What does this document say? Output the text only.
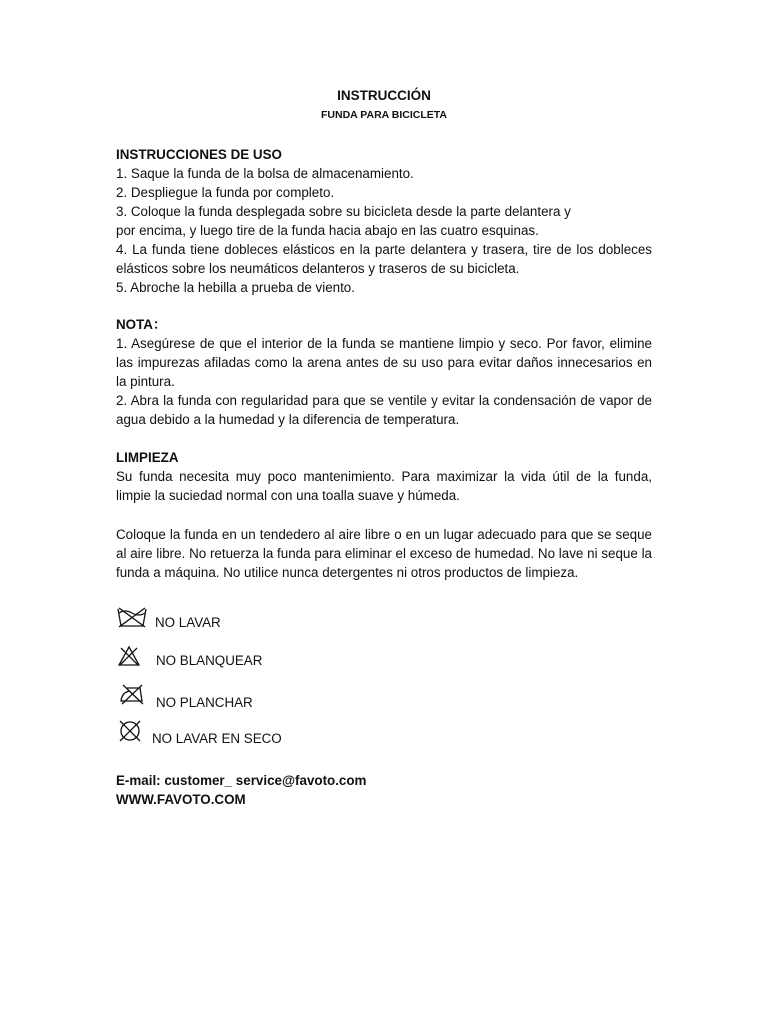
INSTRUCCIÓN
FUNDA PARA BICICLETA
INSTRUCCIONES DE USO
1. Saque la funda de la bolsa de almacenamiento.
2. Despliegue la funda por completo.
3. Coloque la funda desplegada sobre su bicicleta desde la parte delantera y
por encima, y luego tire de la funda hacia abajo en las cuatro esquinas.
4. La funda tiene dobleces elásticos en la parte delantera y trasera, tire de los dobleces elásticos sobre los neumáticos delanteros y traseros de su bicicleta.
5. Abroche la hebilla a prueba de viento.
NOTA：
1. Asegúrese de que el interior de la funda se mantiene limpio y seco. Por favor, elimine las impurezas afiladas como la arena antes de su uso para evitar daños innecesarios en la pintura.
2. Abra la funda con regularidad para que se ventile y evitar la condensación de vapor de agua debido a la humedad y la diferencia de temperatura.
LIMPIEZA
Su funda necesita muy poco mantenimiento. Para maximizar la vida útil de la funda, limpie la suciedad normal con una toalla suave y húmeda.
Coloque la funda en un tendedero al aire libre o en un lugar adecuado para que se seque al aire libre. No retuerza la funda para eliminar el exceso de humedad. No lave ni seque la funda a máquina. No utilice nunca detergentes ni otros productos de limpieza.
NO LAVAR
NO BLANQUEAR
NO PLANCHAR
NO LAVAR EN SECO
E-mail: customer_ service@favoto.com
WWW.FAVOTO.COM
